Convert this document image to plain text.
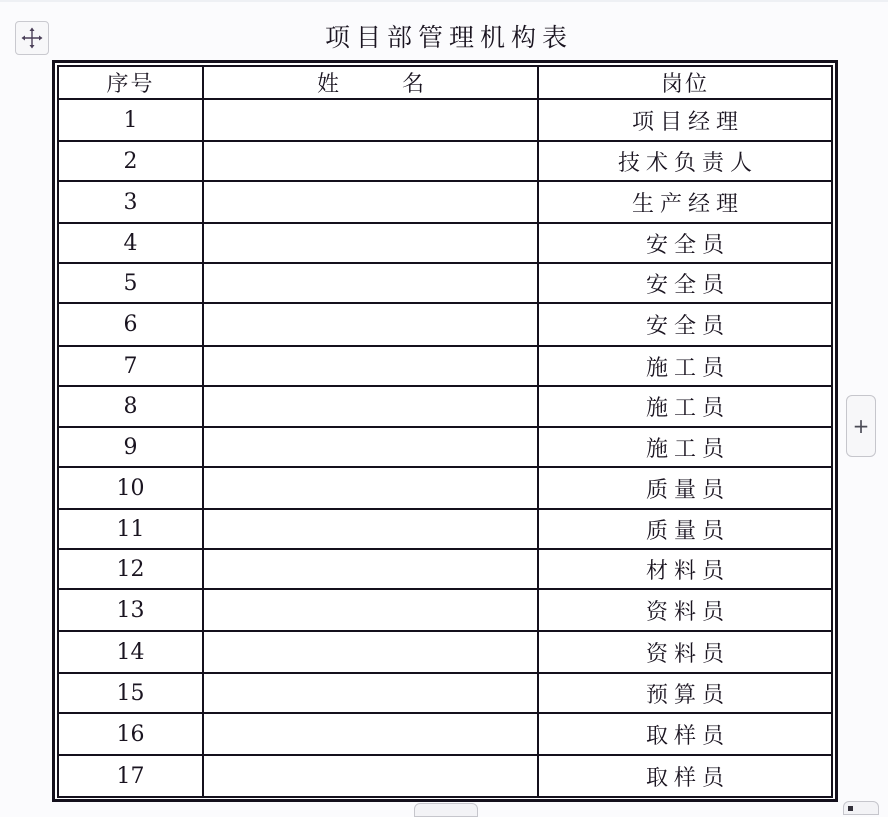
项目部管理机构表
序号	姓 名	岗位
1		项目经理
2		技术负责人
3		生产经理
4		安全员
5		安全员
6		安全员
7		施工员
8		施工员
9		施工员
10		质量员
11		质量员
12		材料员
13		资料员
14		资料员
15		预算员
16		取样员
17		取样员
+
